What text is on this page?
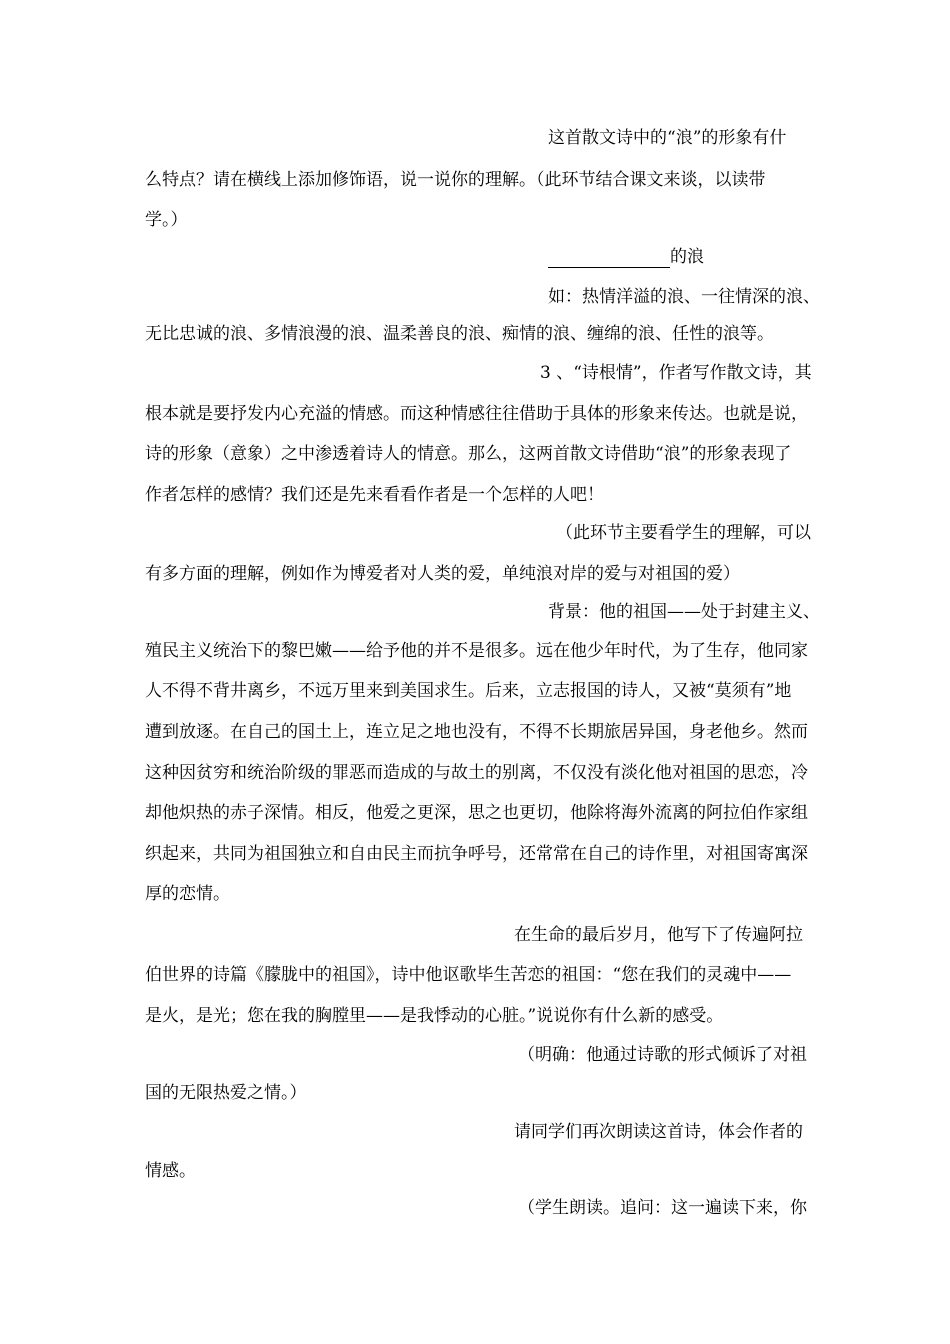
这首散文诗中的“浪”的形象有什
么特点？请在横线上添加修饰语，说一说你的理解。（此环节结合课文来谈，以读带
学。）
的浪
如：热情洋溢的浪、一往情深的浪、
无比忠诚的浪、多情浪漫的浪、温柔善良的浪、痴情的浪、缠绵的浪、任性的浪等。
3 、“诗根情”，作者写作散文诗，其
根本就是要抒发内心充溢的情感。而这种情感往往借助于具体的形象来传达。也就是说，
诗的形象（意象）之中渗透着诗人的情意。那么，这两首散文诗借助“浪”的形象表现了
作者怎样的感情？我们还是先来看看作者是一个怎样的人吧！
（此环节主要看学生的理解，可以
有多方面的理解，例如作为博爱者对人类的爱，单纯浪对岸的爱与对祖国的爱）
背景：他的祖国——处于封建主义、
殖民主义统治下的黎巴嫩——给予他的并不是很多。远在他少年时代，为了生存，他同家
人不得不背井离乡，不远万里来到美国求生。后来，立志报国的诗人，又被“莫须有”地
遭到放逐。在自己的国土上，连立足之地也没有，不得不长期旅居异国，身老他乡。然而
这种因贫穷和统治阶级的罪恶而造成的与故土的别离，不仅没有淡化他对祖国的思恋，冷
却他炽热的赤子深情。相反，他爱之更深，思之也更切，他除将海外流离的阿拉伯作家组
织起来，共同为祖国独立和自由民主而抗争呼号，还常常在自己的诗作里，对祖国寄寓深
厚的恋情。
在生命的最后岁月，他写下了传遍阿拉
伯世界的诗篇《朦胧中的祖国》，诗中他讴歌毕生苦恋的祖国：“您在我们的灵魂中——
是火，是光；您在我的胸膛里——是我悸动的心脏。”说说你有什么新的感受。
（明确：他通过诗歌的形式倾诉了对祖
国的无限热爱之情。）
请同学们再次朗读这首诗，体会作者的
情感。
（学生朗读。追问：这一遍读下来，你
